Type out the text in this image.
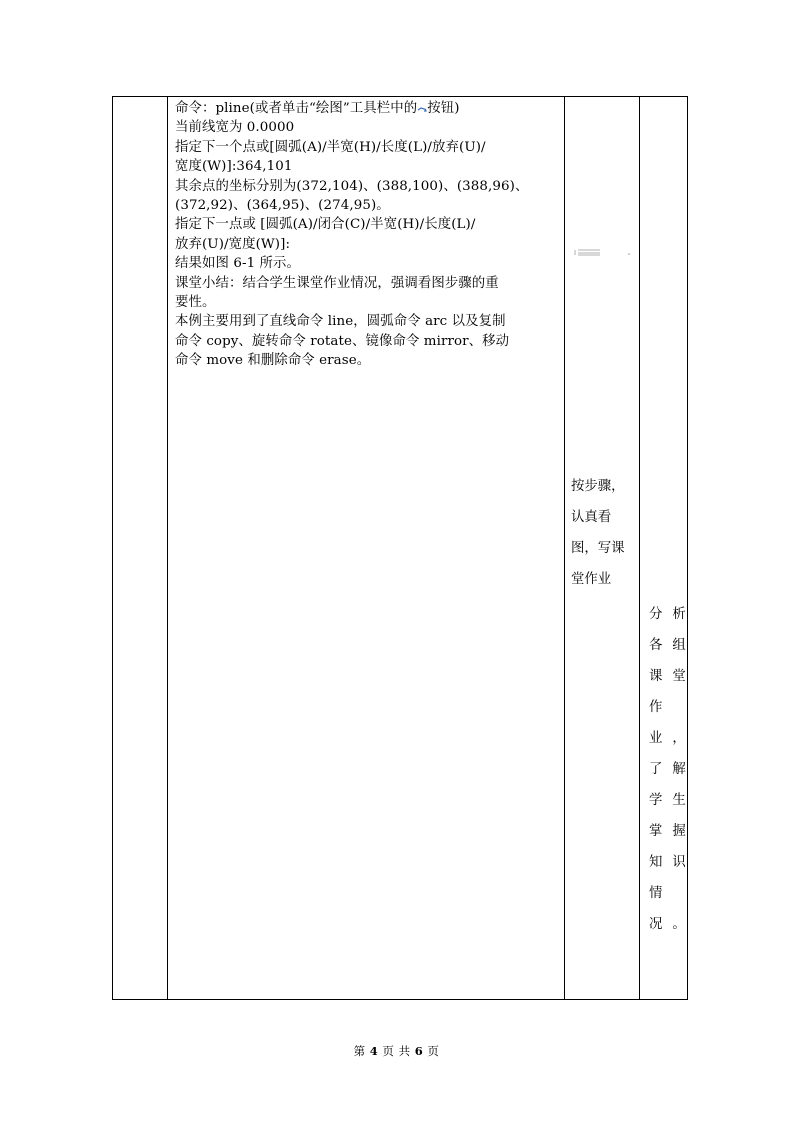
命令：pline(或者单击“绘图”工具栏中的 按钮)
当前线宽为 0.0000
指定下一个点或[圆弧(A)/半宽(H)/长度(L)/放弃(U)/
宽度(W)]:364,101
其余点的坐标分别为(372,104)、(388,100)、(388,96)、
(372,92)、(364,95)、(274,95)。
指定下一点或 [圆弧(A)/闭合(C)/半宽(H)/长度(L)/
放弃(U)/宽度(W)]:
结果如图 6-1 所示。
课堂小结：结合学生课堂作业情况，强调看图步骤的重
要性。
本例主要用到了直线命令 line，圆弧命令 arc 以及复制
命令 copy、旋转命令 rotate、镜像命令 mirror、移动
命令 move 和删除命令 erase。
按步骤，
认真看
图，写课
堂作业
分析
各组
课堂
作
业，
了解
学生
掌握
知识
情
况。
第 4 页 共 6 页
